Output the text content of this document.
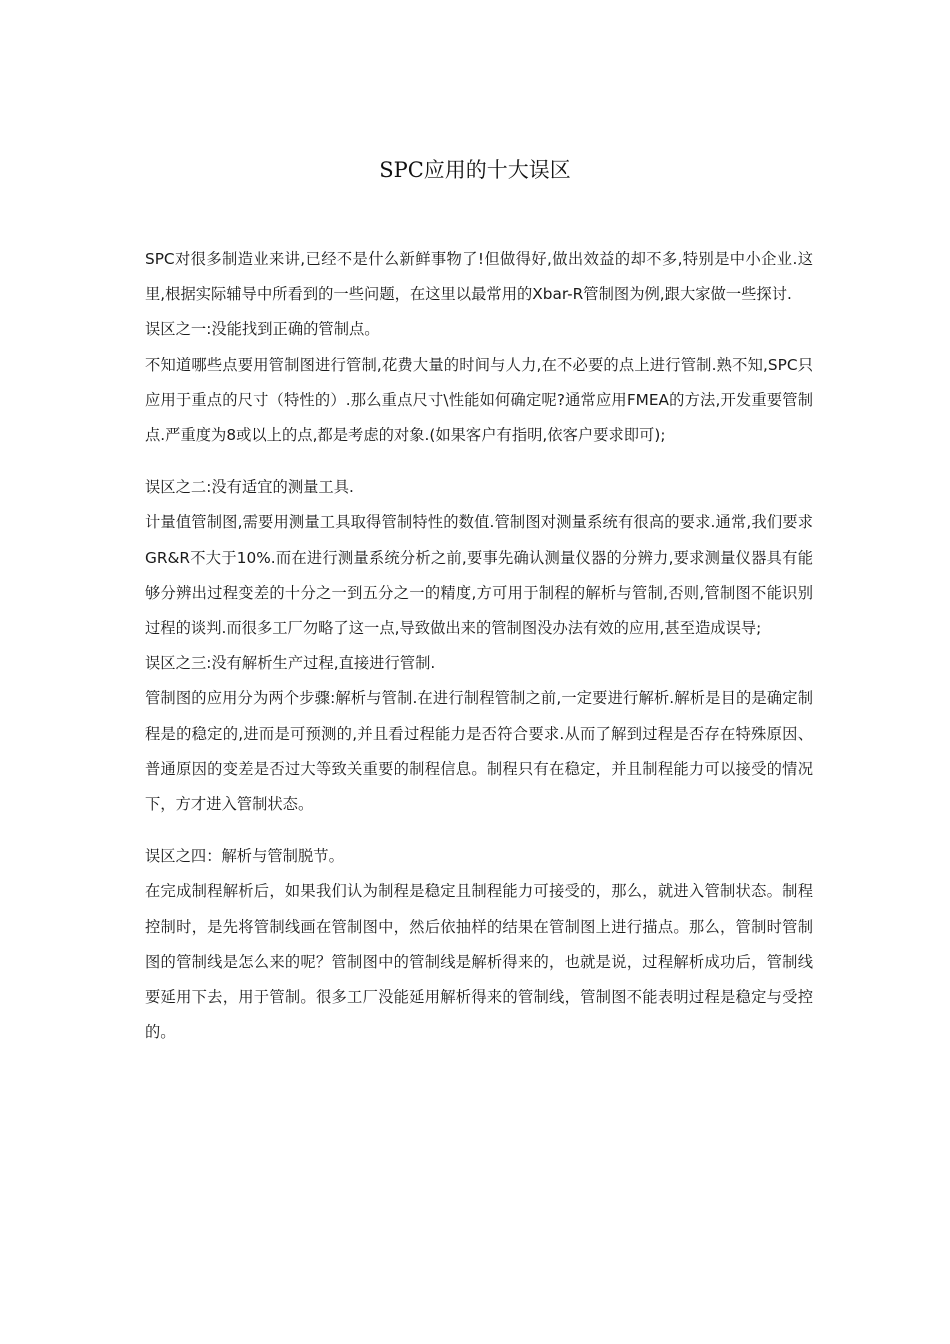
SPC应用的十大误区

SPC对很多制造业来讲,已经不是什么新鲜事物了!但做得好,做出效益的却不多,特别是中小企业.这里,根据实际辅导中所看到的一些问题，在这里以最常用的Xbar-R管制图为例,跟大家做一些探讨.

误区之一:没能找到正确的管制点。

不知道哪些点要用管制图进行管制,花费大量的时间与人力,在不必要的点上进行管制.熟不知,SPC只应用于重点的尺寸（特性的）.那么重点尺寸\性能如何确定呢?通常应用FMEA的方法,开发重要管制点.严重度为8或以上的点,都是考虑的对象.(如果客户有指明,依客户要求即可);

误区之二:没有适宜的测量工具.

计量值管制图,需要用测量工具取得管制特性的数值.管制图对测量系统有很高的要求.通常,我们要求GR&R不大于10%.而在进行测量系统分析之前,要事先确认测量仪器的分辨力,要求测量仪器具有能够分辨出过程变差的十分之一到五分之一的精度,方可用于制程的解析与管制,否则,管制图不能识别过程的谈判.而很多工厂勿略了这一点,导致做出来的管制图没办法有效的应用,甚至造成误导;

误区之三:没有解析生产过程,直接进行管制.

管制图的应用分为两个步骤:解析与管制.在进行制程管制之前,一定要进行解析.解析是目的是确定制程是的稳定的,进而是可预测的,并且看过程能力是否符合要求.从而了解到过程是否存在特殊原因、普通原因的变差是否过大等致关重要的制程信息。制程只有在稳定，并且制程能力可以接受的情况下，方才进入管制状态。

误区之四：解析与管制脱节。

在完成制程解析后，如果我们认为制程是稳定且制程能力可接受的，那么，就进入管制状态。制程控制时，是先将管制线画在管制图中，然后依抽样的结果在管制图上进行描点。那么，管制时管制图的管制线是怎么来的呢？管制图中的管制线是解析得来的，也就是说，过程解析成功后，管制线要延用下去，用于管制。很多工厂没能延用解析得来的管制线，管制图不能表明过程是稳定与受控的。
